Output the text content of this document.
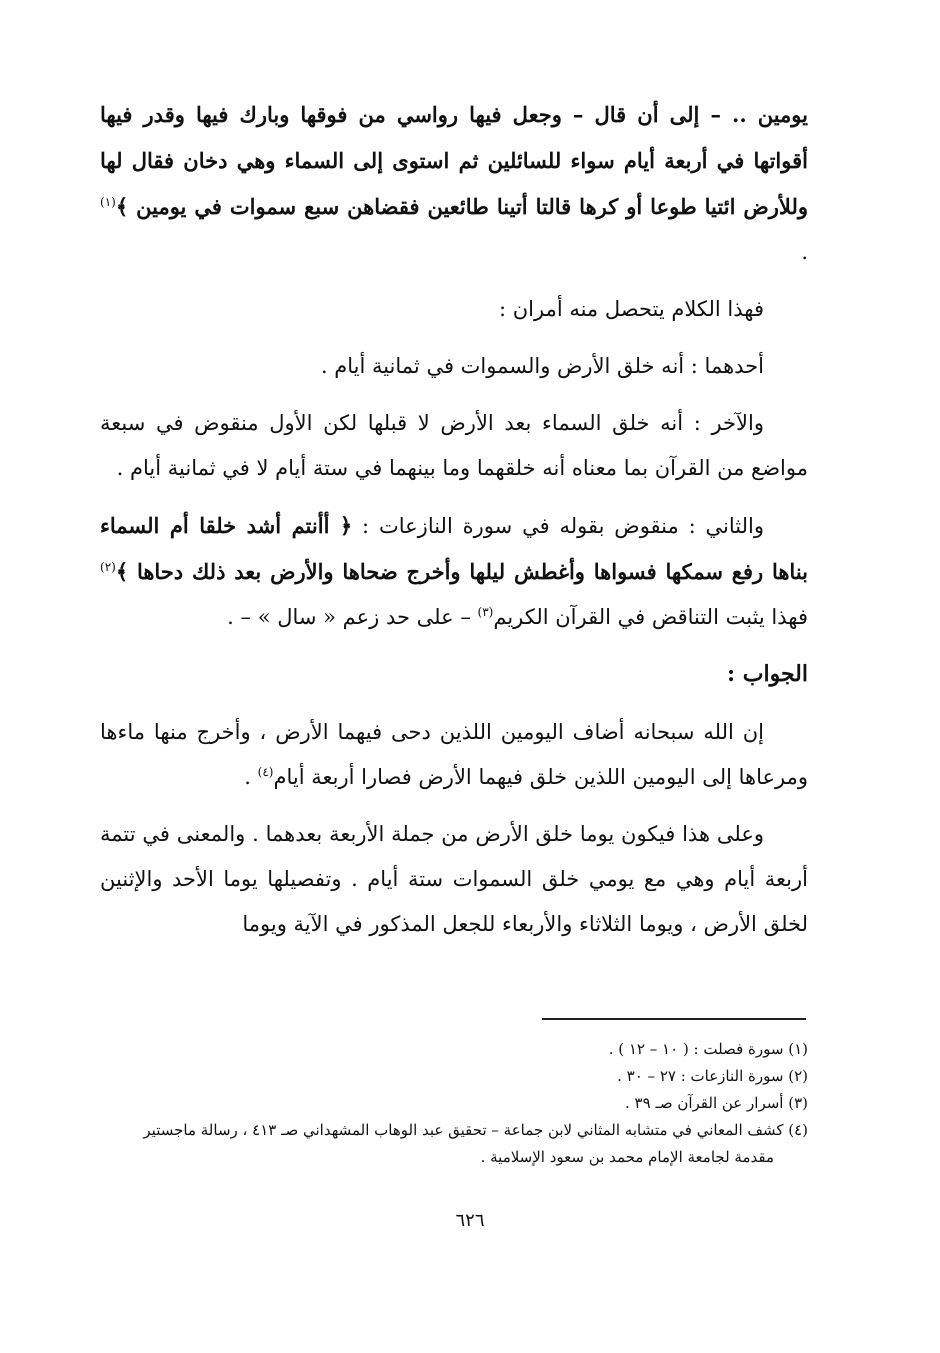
يومين .. – إلى أن قال – وجعل فيها رواسي من فوقها وبارك فيها وقدر فيها أقواتها في أربعة أيام سواء للسائلين ثم استوى إلى السماء وهي دخان فقال لها وللأرض ائتيا طوعا أو كرها قالتا أتينا طائعين فقضاهن سبع سموات في يومين ﴾$^{(١)}$ .

فهذا الكلام يتحصل منه أمران :

أحدهما : أنه خلق الأرض والسموات في ثمانية أيام .

والآخر : أنه خلق السماء بعد الأرض لا قبلها لكن الأول منقوض في سبعة مواضع من القرآن بما معناه أنه خلقهما وما بينهما في ستة أيام لا في ثمانية أيام .

والثاني : منقوض بقوله في سورة النازعات : ﴿ أأنتم أشد خلقا أم السماء بناها رفع سمكها فسواها وأغطش ليلها وأخرج ضحاها والأرض بعد ذلك دحاها ﴾$^{(٢)}$ فهذا يثبت التناقض في القرآن الكريم$^{(٣)}$ – على حد زعم « سال » – .

الجواب :

إن الله سبحانه أضاف اليومين اللذين دحى فيهما الأرض ، وأخرج منها ماءها ومرعاها إلى اليومين اللذين خلق فيهما الأرض فصارا أربعة أيام$^{(٤)}$ .

وعلى هذا فيكون يوما خلق الأرض من جملة الأربعة بعدهما . والمعنى في تتمة أربعة أيام وهي مع يومي خلق السموات ستة أيام . وتفصيلها يوما الأحد والإثنين لخلق الأرض ، ويوما الثلاثاء والأربعاء للجعل المذكور في الآية ويوما

(١) سورة فصلت : ( ١٠ – ١٢ ) .

(٢) سورة النازعات : ٢٧ – ٣٠ .

(٣) أسرار عن القرآن صـ ٣٩ .

(٤) كشف المعاني في متشابه المثاني لابن جماعة – تحقيق عبد الوهاب المشهداني صـ ٤١٣ ، رسالة ماجستير

مقدمة لجامعة الإمام محمد بن سعود الإسلامية .

٦٢٦
